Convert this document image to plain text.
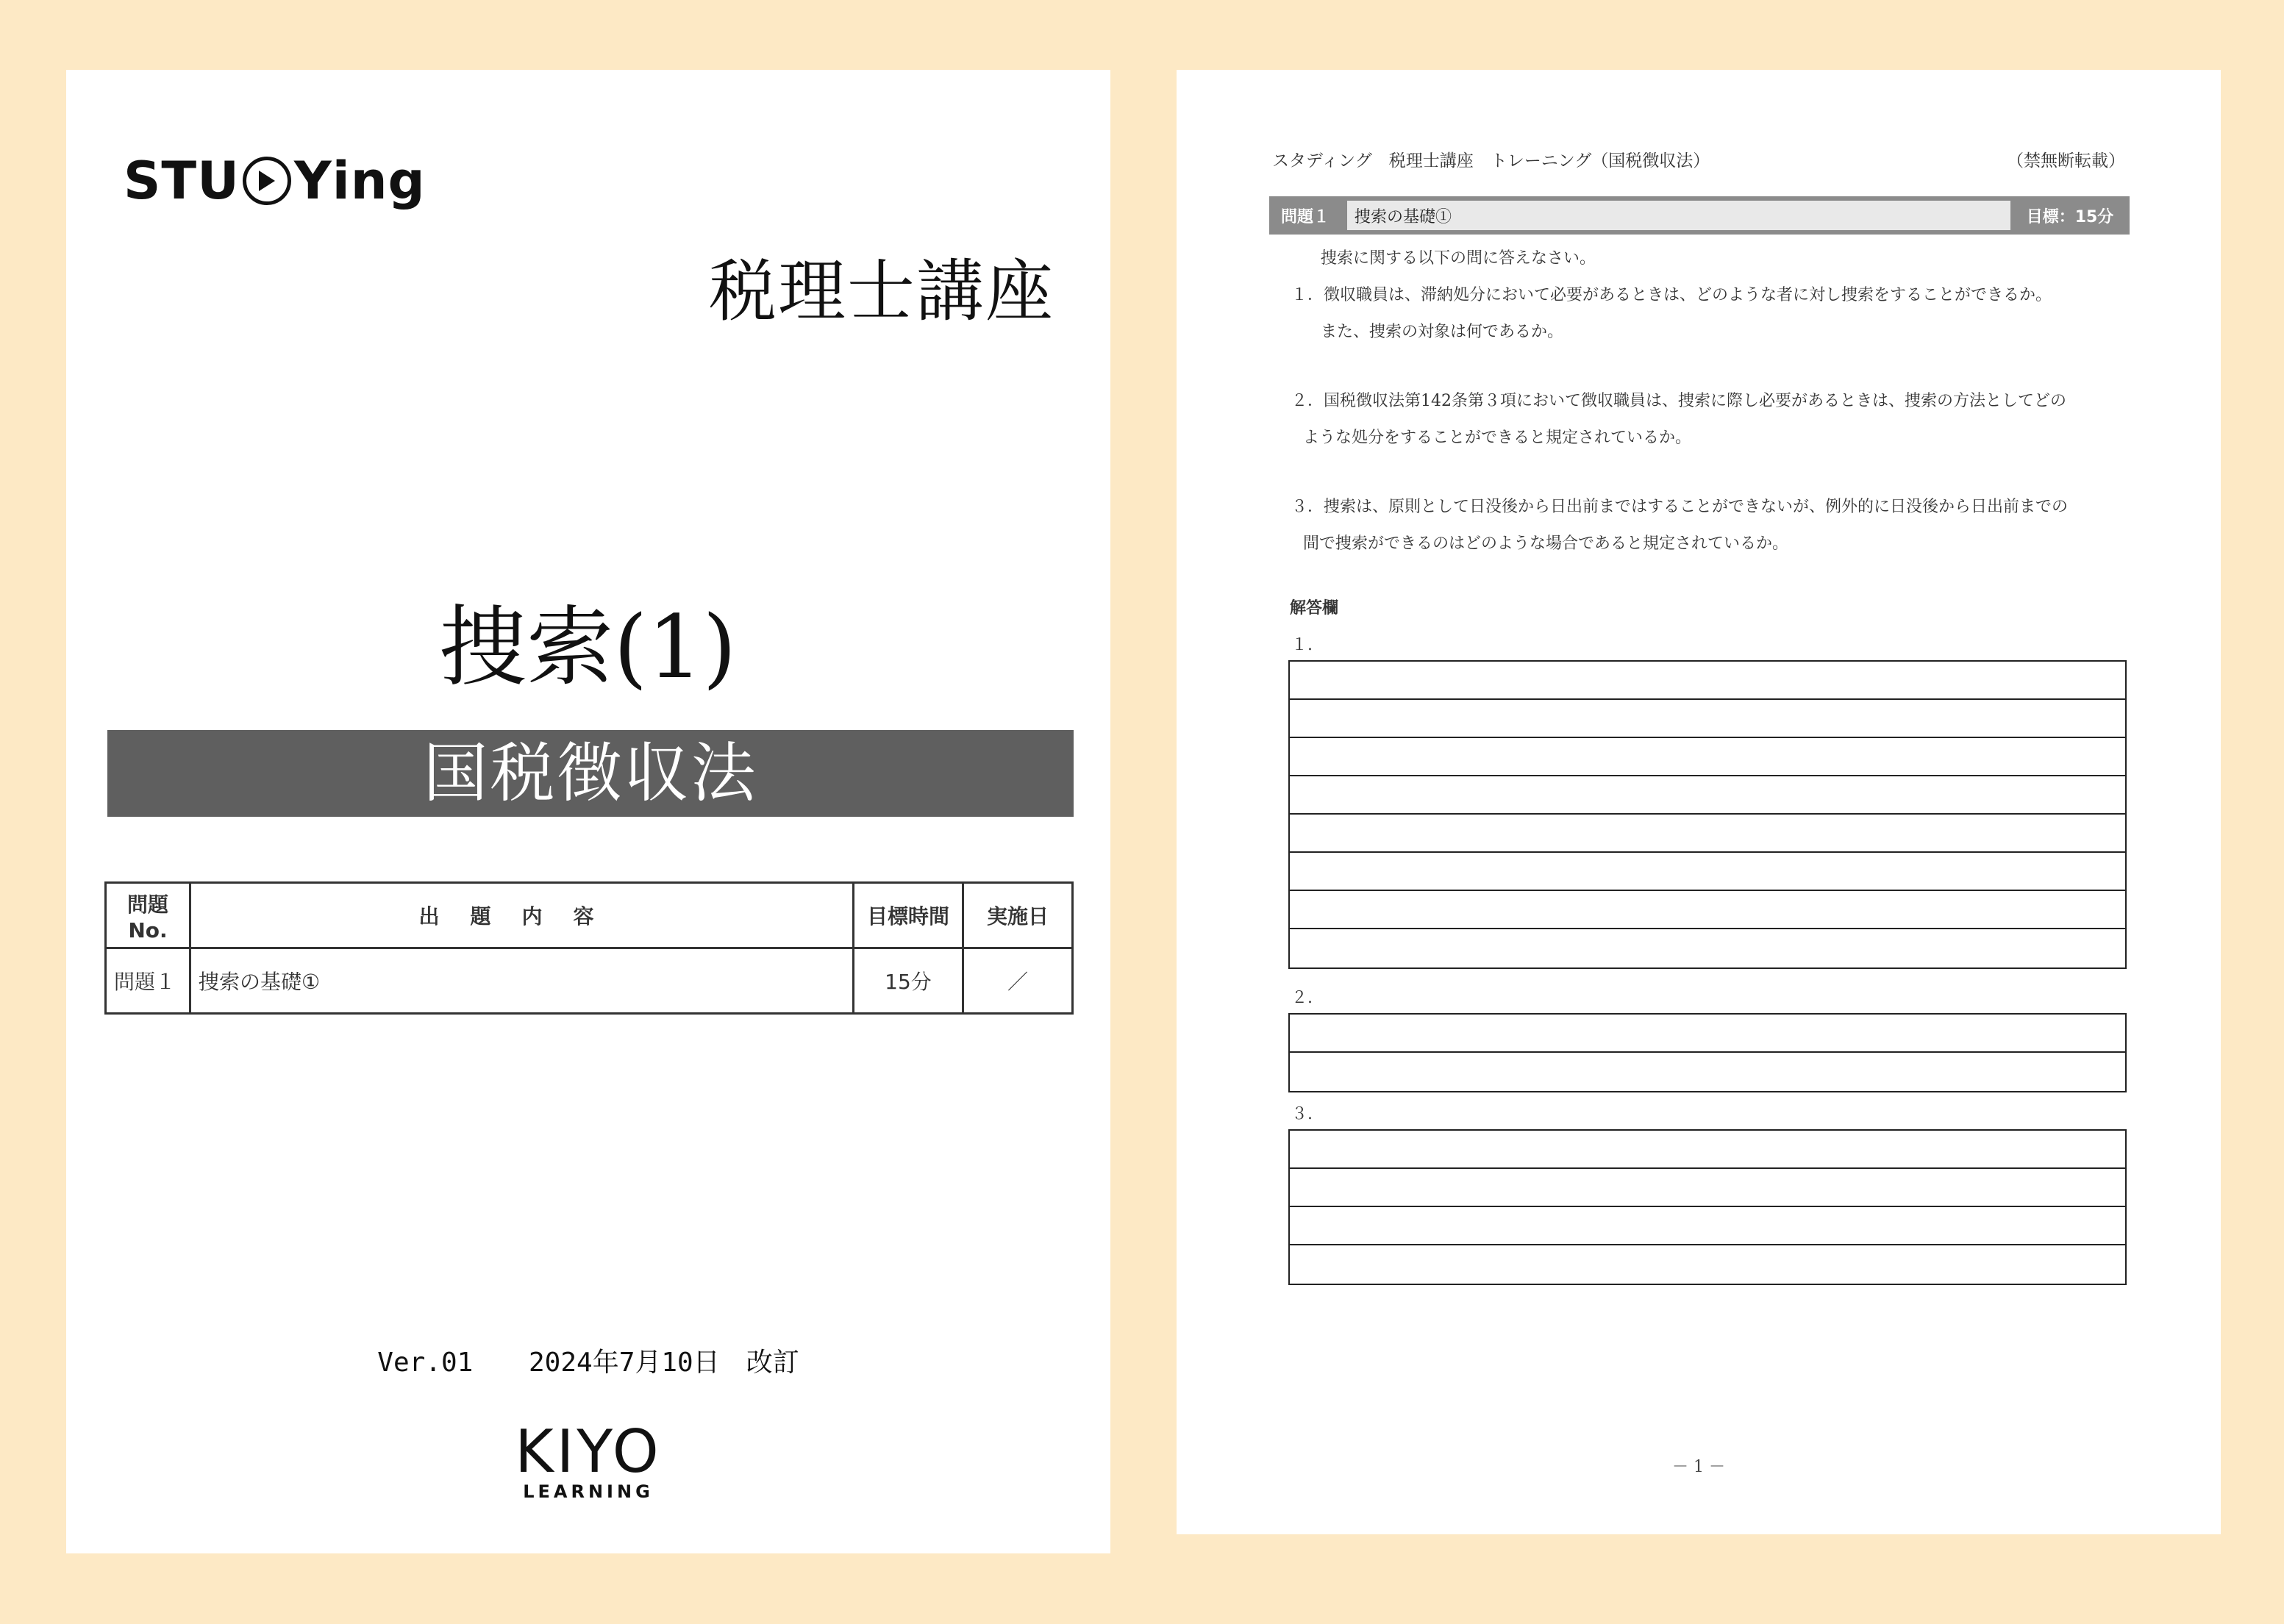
STU Ying
税理士講座
捜索(1)
国税徴収法
問題No.	出題内容	目標時間	実施日
問題１	捜索の基礎①	15分	／
Ver.01　 2024年7月10日　改訂
KIYO
LEARNING
スタディング　税理士講座　トレーニング（国税徴収法）	（禁無断転載）
問題１	捜索の基礎①	目標：15分
捜索に関する以下の問に答えなさい。
１．徴収職員は、滞納処分において必要があるときは、どのような者に対し捜索をすることができるか。
また、捜索の対象は何であるか。
２．国税徴収法第142条第３項において徴収職員は、捜索に際し必要があるときは、捜索の方法としてどの
ような処分をすることができると規定されているか。
３．捜索は、原則として日没後から日出前まではすることができないが、例外的に日没後から日出前までの
間で捜索ができるのはどのような場合であると規定されているか。
解答欄
１.
２.
３.
－ 1 －
